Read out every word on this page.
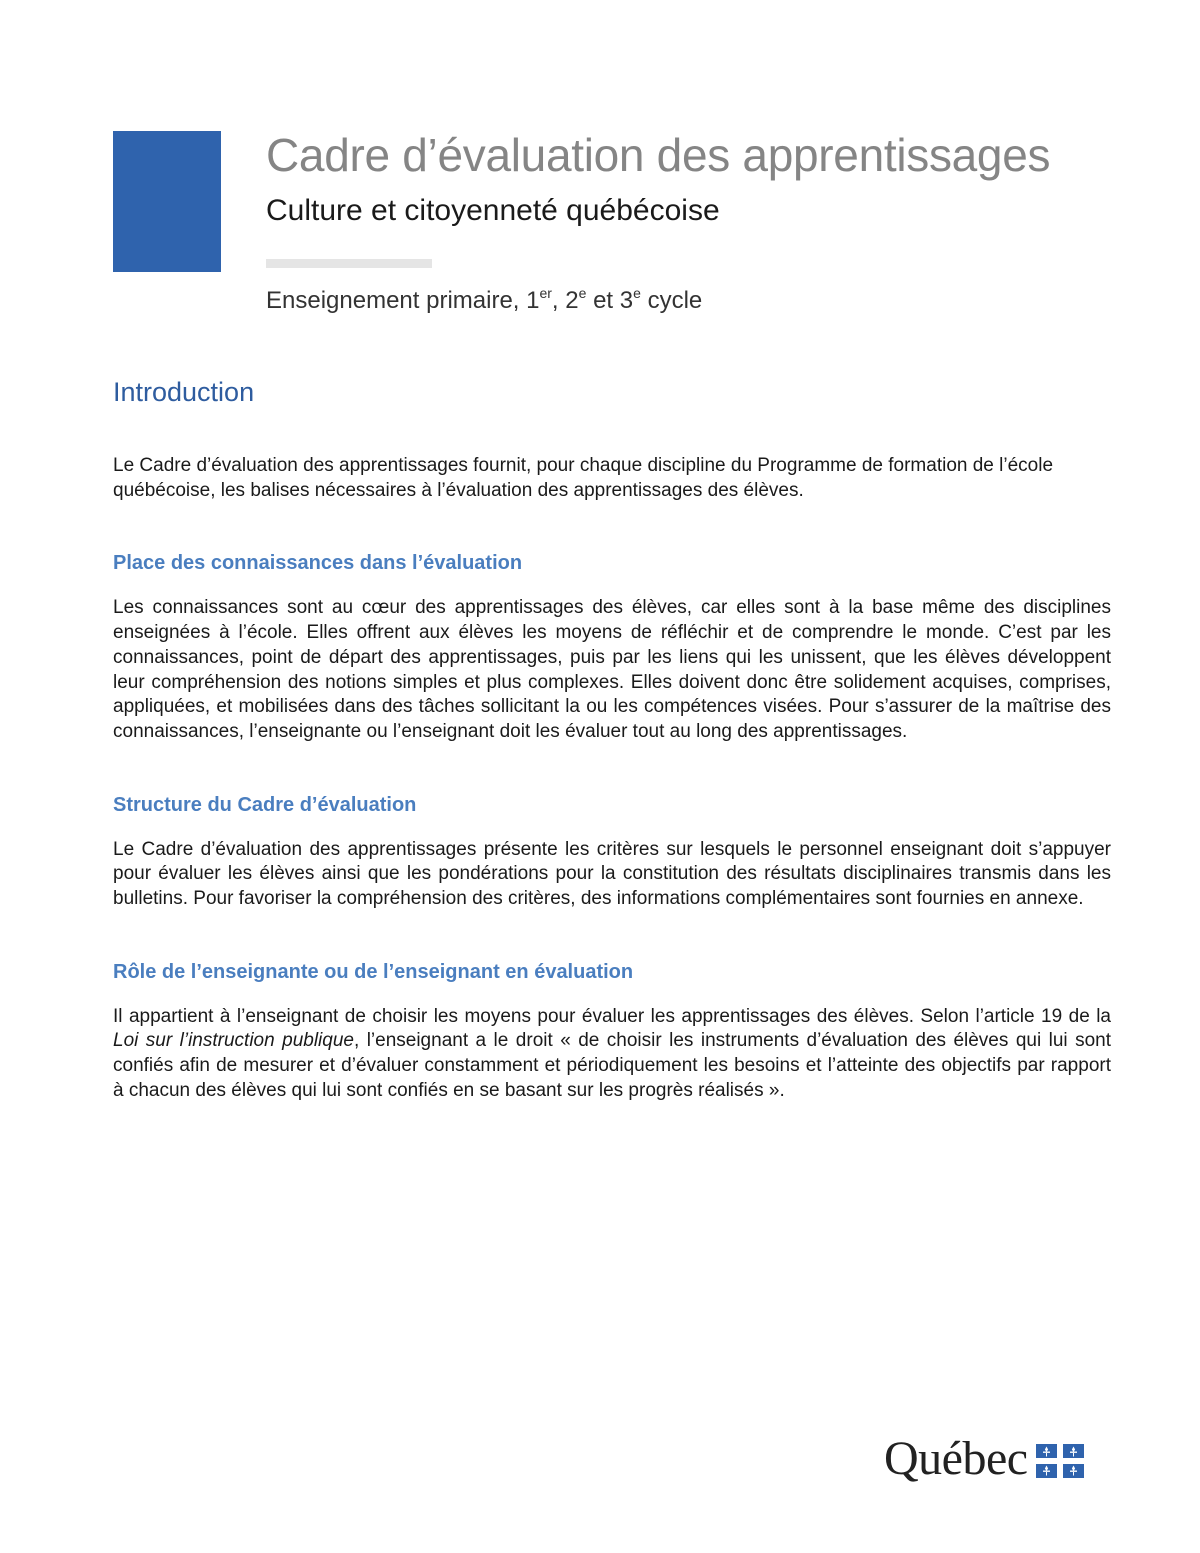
Cadre d’évaluation des apprentissages
Culture et citoyenneté québécoise
Enseignement primaire, 1er, 2e et 3e cycle
Introduction

Le Cadre d’évaluation des apprentissages fournit, pour chaque discipline du Programme de formation de l’école québécoise, les balises nécessaires à l’évaluation des apprentissages des élèves.

Place des connaissances dans l’évaluation

Les connaissances sont au cœur des apprentissages des élèves, car elles sont à la base même des disciplines enseignées à l’école. Elles offrent aux élèves les moyens de réfléchir et de comprendre le monde. C’est par les connaissances, point de départ des apprentissages, puis par les liens qui les unissent, que les élèves développent leur compréhension des notions simples et plus complexes. Elles doivent donc être solidement acquises, comprises, appliquées, et mobilisées dans des tâches sollicitant la ou les compétences visées. Pour s’assurer de la maîtrise des connaissances, l’enseignante ou l’enseignant doit les évaluer tout au long des apprentissages.

Structure du Cadre d’évaluation

Le Cadre d’évaluation des apprentissages présente les critères sur lesquels le personnel enseignant doit s’appuyer pour évaluer les élèves ainsi que les pondérations pour la constitution des résultats disciplinaires transmis dans les bulletins. Pour favoriser la compréhension des critères, des informations complémentaires sont fournies en annexe.

Rôle de l’enseignante ou de l’enseignant en évaluation

Il appartient à l’enseignant de choisir les moyens pour évaluer les apprentissages des élèves. Selon l’article 19 de la Loi sur l’instruction publique, l’enseignant a le droit « de choisir les instruments d’évaluation des élèves qui lui sont confiés afin de mesurer et d’évaluer constamment et périodiquement les besoins et l’atteinte des objectifs par rapport à chacun des élèves qui lui sont confiés en se basant sur les progrès réalisés ».

Québec
